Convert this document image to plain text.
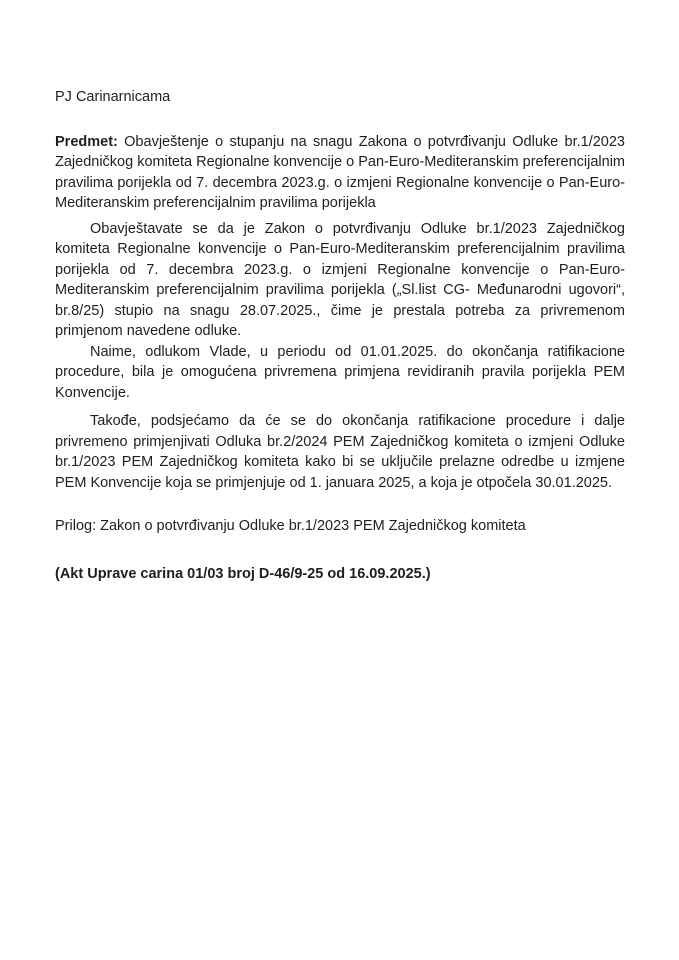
PJ Carinarnicama

Predmet: Obavještenje o stupanju na snagu Zakona o potvrđivanju Odluke br.1/2023 Zajedničkog komiteta Regionalne konvencije o Pan-Euro-Mediteranskim preferencijalnim pravilima porijekla od 7. decembra 2023.g. o izmjeni Regionalne konvencije o Pan-Euro-Mediteranskim preferencijalnim pravilima porijekla

Obavještavate se da je Zakon o potvrđivanju Odluke br.1/2023 Zajedničkog komiteta Regionalne konvencije o Pan-Euro-Mediteranskim preferencijalnim pravilima porijekla od 7. decembra 2023.g. o izmjeni Regionalne konvencije o Pan-Euro-Mediteranskim preferencijalnim pravilima porijekla („Sl.list CG- Međunarodni ugovori“, br.8/25) stupio na snagu 28.07.2025., čime je prestala potreba za privremenom primjenom navedene odluke.

Naime, odlukom Vlade, u periodu od 01.01.2025. do okončanja ratifikacione procedure, bila je omogućena privremena primjena revidiranih pravila porijekla PEM Konvencije.

Takođe, podsjećamo da će se do okončanja ratifikacione procedure i dalje privremeno primjenjivati Odluka br.2/2024 PEM Zajedničkog komiteta o izmjeni Odluke br.1/2023 PEM Zajedničkog komiteta kako bi se uključile prelazne odredbe u izmjene PEM Konvencije koja se primjenjuje od 1. januara 2025, a koja je otpočela 30.01.2025.

Prilog: Zakon o potvrđivanju Odluke br.1/2023 PEM Zajedničkog komiteta

(Akt Uprave carina 01/03 broj D-46/9-25 od 16.09.2025.)
